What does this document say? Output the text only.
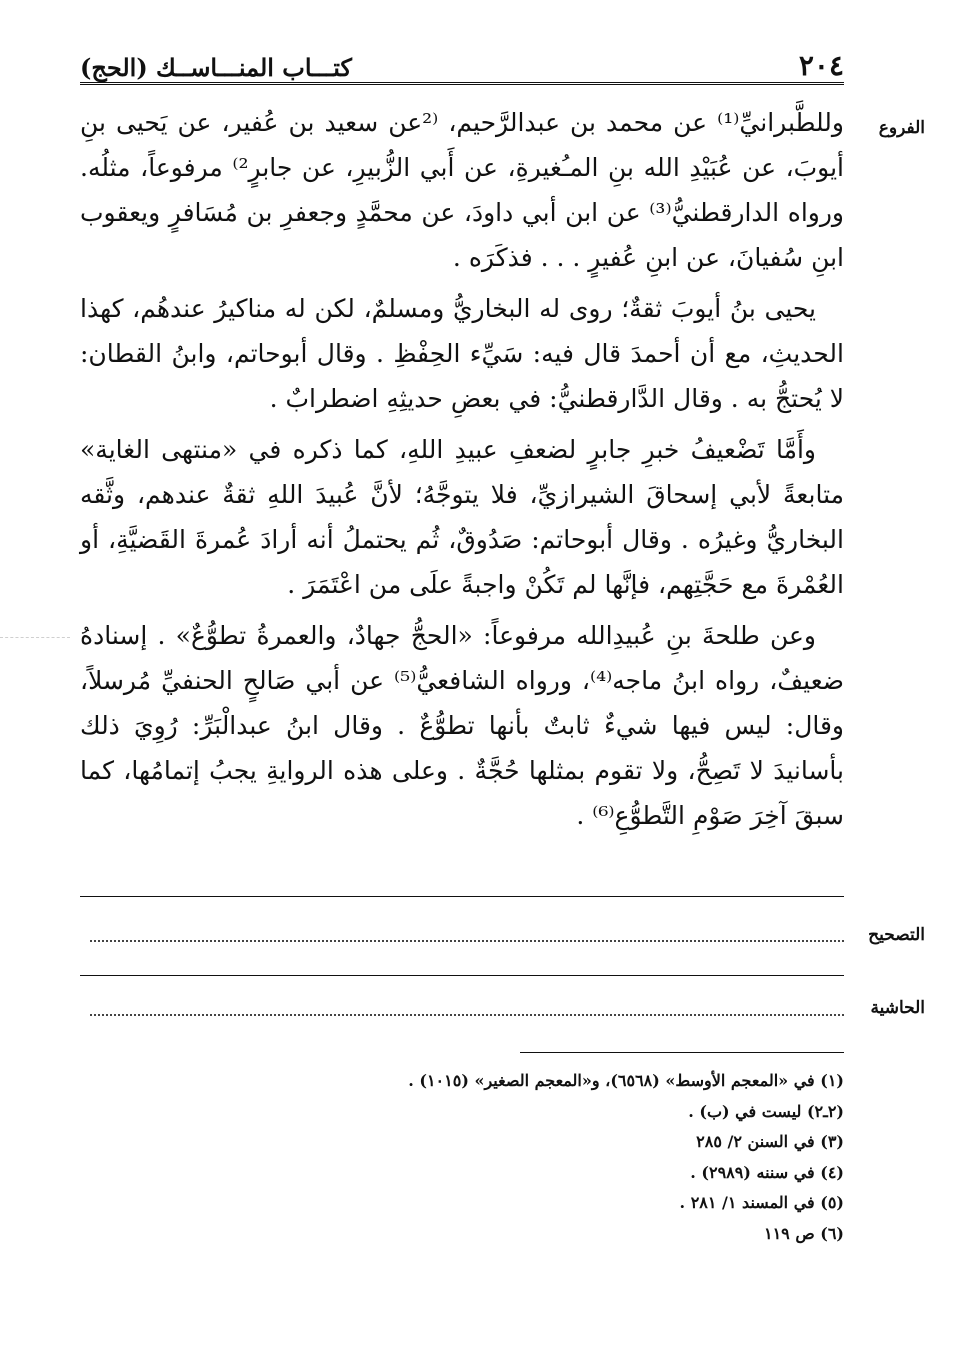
٢٠٤
كتـــاب المنـــاســك (الحج)
الفروع

وللطَّبرانيِّ⁽¹⁾ عن محمد بن عبدالرَّحيم، ⁽²عن سعيد بن عُفير، عن يَحيى بنِ أيوبَ، عن عُبَيْدِ الله بنِ المـُغيرةِ، عن أَبي الزُّبيرِ، عن جابرٍ²⁾ مرفوعاً، مثلُه. ورواه الدارقطنيُّ⁽³⁾ عن ابن أبي داودَ، عن محمَّدٍ وجعفرِ بن مُسَافرٍ ويعقوب ابنِ سُفيانَ، عن ابنِ عُفيرٍ . . . فذكَرَه .

يحيى بنُ أيوبَ ثقةٌ؛ روى له البخاريُّ ومسلمٌ، لكن له مناكيرُ عندهُم، كهذا الحديثِ، مع أن أحمدَ قال فيه: سَيِّء الحِفْظِ . وقال أبوحاتم، وابنُ القطان: لا يُحتجُّ به . وقال الدَّارقطنيُّ: في بعضِ حديثِهِ اضطرابٌ .

وأَمَّا تَضْعيفُ خبرِ جابرٍ لضعفِ عبيدِ اللهِ، كما ذكره في «منتهى الغاية» متابعةً لأبي إسحاقَ الشيرازيِّ، فلا يتوجَّهُ؛ لأنَّ عُبيدَ اللهِ ثقةٌ عندهم، وثَّقه البخاريُّ وغيرُه . وقال أبوحاتم: صَدُوقٌ، ثُم يحتملُ أنه أرادَ عُمرةَ القَضيَّةِ، أو العُمْرةَ مع حَجَّتِهم، فإنَّها لم تَكُنْ واجبةً علَى من اعْتَمَرَ .

وعن طلحةَ بنِ عُبيدِالله مرفوعاً: «الحجُّ جهادٌ، والعمرةُ تطوُّعٌ» . إسنادهُ ضعيفٌ، رواه ابنُ ماجه⁽⁴⁾، ورواه الشافعيُّ⁽⁵⁾ عن أبي صَالحٍ الحنفيِّ مُرسلاً، وقال: ليس فيها شيءٌ ثابتٌ بأنها تطوُّعٌ . وقال ابنُ عبدالْبَرِّ: رُوِيَ ذلك بأسانيدَ لا تَصِحُّ، ولا تقوم بمثلها حُجَّةٌ . وعلى هذه الروايةِ يجبُ إتمامُها، كما سبقَ آخِرَ صَوْمِ التَّطوُّعِ⁽⁶⁾ .

التصحيح
الحاشية
(١) في «المعجم الأوسط» (٦٥٦٨)، و«المعجم الصغير» (١٠١٥) .
(٢ـ٢) ليست في (ب) .
(٣) في السنن ٢/ ٢٨٥
(٤) في سننه (٢٩٨٩) .
(٥) في المسند ١/ ٢٨١ .
(٦) ص ١١٩
